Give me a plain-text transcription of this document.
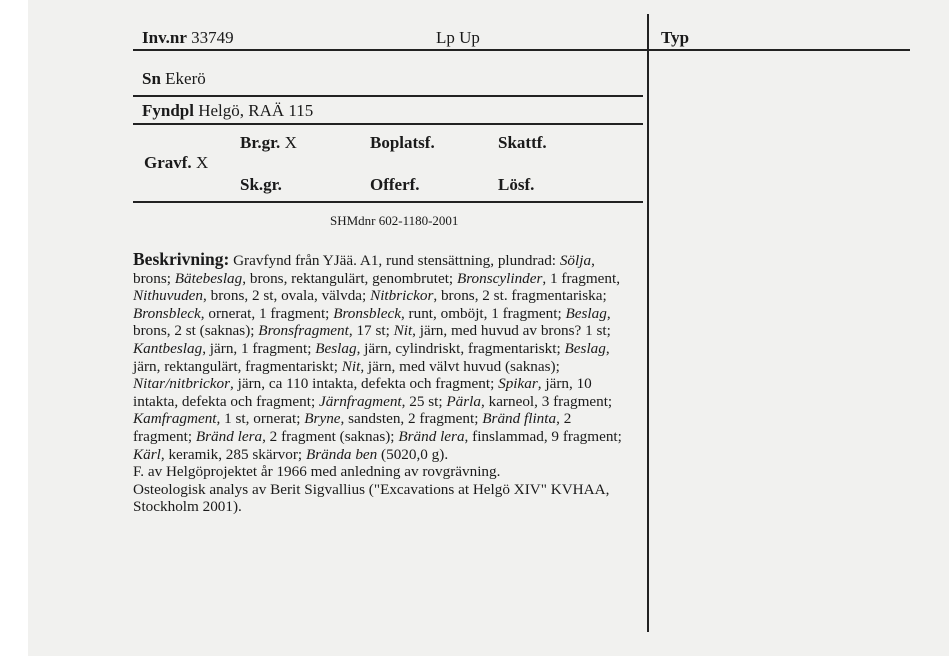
Inv.nr 33749	Lp Up	Typ
Sn Ekerö
Fyndpl Helgö, RAÄ 115
Gravf. X
Br.gr. X	Boplatsf.	Skattf.
Sk.gr.	Offerf.	Lösf.
SHMdnr 602-1180-2001
Beskrivning: Gravfynd från YJää. A1, rund stensättning, plundrad: Sölja,
brons; Bätebeslag, brons, rektangulärt, genombrutet; Bronscylinder, 1 fragment,
Nithuvuden, brons, 2 st, ovala, välvda; Nitbrickor, brons, 2 st. fragmentariska;
Bronsbleck, ornerat, 1 fragment; Bronsbleck, runt, omböjt, 1 fragment; Beslag,
brons, 2 st (saknas); Bronsfragment, 17 st; Nit, järn, med huvud av brons? 1 st;
Kantbeslag, järn, 1 fragment; Beslag, järn, cylindriskt, fragmentariskt; Beslag,
järn, rektangulärt, fragmentariskt; Nit, järn, med välvt huvud (saknas);
Nitar/nitbrickor, järn, ca 110 intakta, defekta och fragment; Spikar, järn, 10
intakta, defekta och fragment; Järnfragment, 25 st; Pärla, karneol, 3 fragment;
Kamfragment, 1 st, ornerat; Bryne, sandsten, 2 fragment; Bränd flinta, 2
fragment; Bränd lera, 2 fragment (saknas); Bränd lera, finslammad, 9 fragment;
Kärl, keramik, 285 skärvor; Brända ben (5020,0 g).
F. av Helgöprojektet år 1966 med anledning av rovgrävning.
Osteologisk analys av Berit Sigvallius ("Excavations at Helgö XIV" KVHAA,
Stockholm 2001).
